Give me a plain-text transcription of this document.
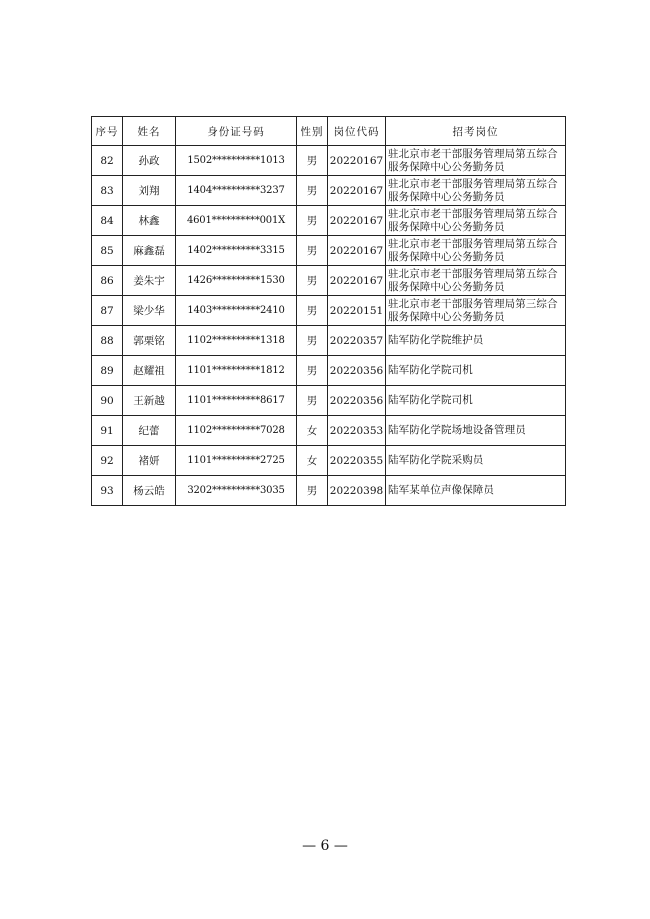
序号	姓名	身份证号码	性别	岗位代码	招考岗位
82	孙政	1502**********1013	男	20220167	驻北京市老干部服务管理局第五综合服务保障中心公务勤务员
83	刘翔	1404**********3237	男	20220167	驻北京市老干部服务管理局第五综合服务保障中心公务勤务员
84	林鑫	4601**********001X	男	20220167	驻北京市老干部服务管理局第五综合服务保障中心公务勤务员
85	麻鑫磊	1402**********3315	男	20220167	驻北京市老干部服务管理局第五综合服务保障中心公务勤务员
86	姜朱宇	1426**********1530	男	20220167	驻北京市老干部服务管理局第五综合服务保障中心公务勤务员
87	梁少华	1403**********2410	男	20220151	驻北京市老干部服务管理局第三综合服务保障中心公务勤务员
88	郭栗铭	1102**********1318	男	20220357	陆军防化学院维护员
89	赵耀祖	1101**********1812	男	20220356	陆军防化学院司机
90	王新越	1101**********8617	男	20220356	陆军防化学院司机
91	纪蕾	1102**********7028	女	20220353	陆军防化学院场地设备管理员
92	褚妍	1101**********2725	女	20220355	陆军防化学院采购员
93	杨云皓	3202**********3035	男	20220398	陆军某单位声像保障员
— 6 —
